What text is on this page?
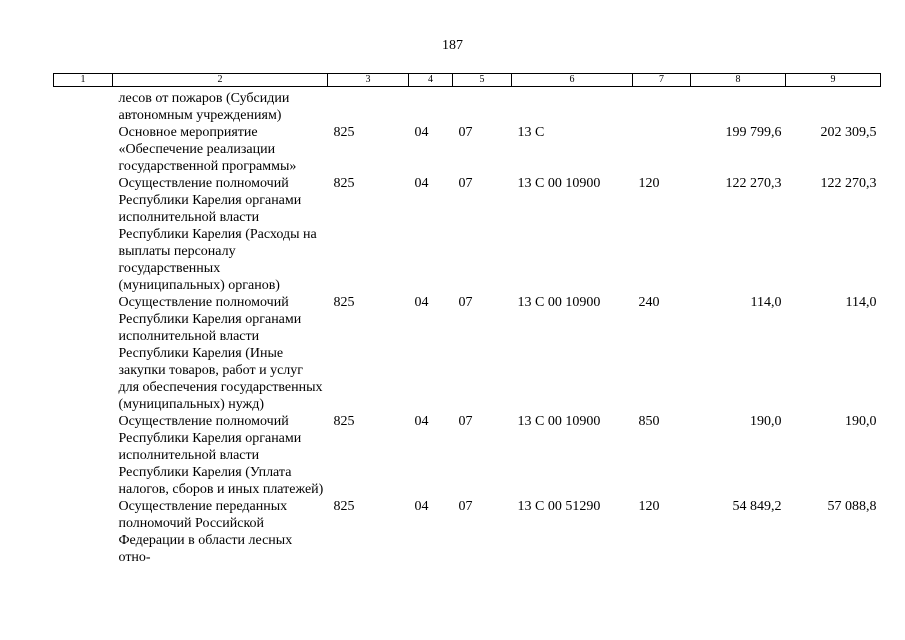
187
1	2	3	4	5	6	7	8	9
	лесов от пожаров (Субсидии автономным учреждениям)							
	Основное мероприятие «Обеспечение реализации государственной программы»	825	04	07	13 С		199 799,6	202 309,5
	Осуществление полномочий Республики Карелия органами исполнительной власти Республики Карелия (Расходы на выплаты персоналу государственных (муниципальных) органов)	825	04	07	13 С 00 10900	120	122 270,3	122 270,3
	Осуществление полномочий Республики Карелия органами исполнительной власти Республики Карелия (Иные закупки товаров, работ и услуг для обеспечения государственных (муниципальных) нужд)	825	04	07	13 С 00 10900	240	114,0	114,0
	Осуществление полномочий Республики Карелия органами исполнительной власти Республики Карелия (Уплата налогов, сборов и иных платежей)	825	04	07	13 С 00 10900	850	190,0	190,0
	Осуществление переданных полномочий Российской Федерации в области лесных отно-	825	04	07	13 С 00 51290	120	54 849,2	57 088,8
